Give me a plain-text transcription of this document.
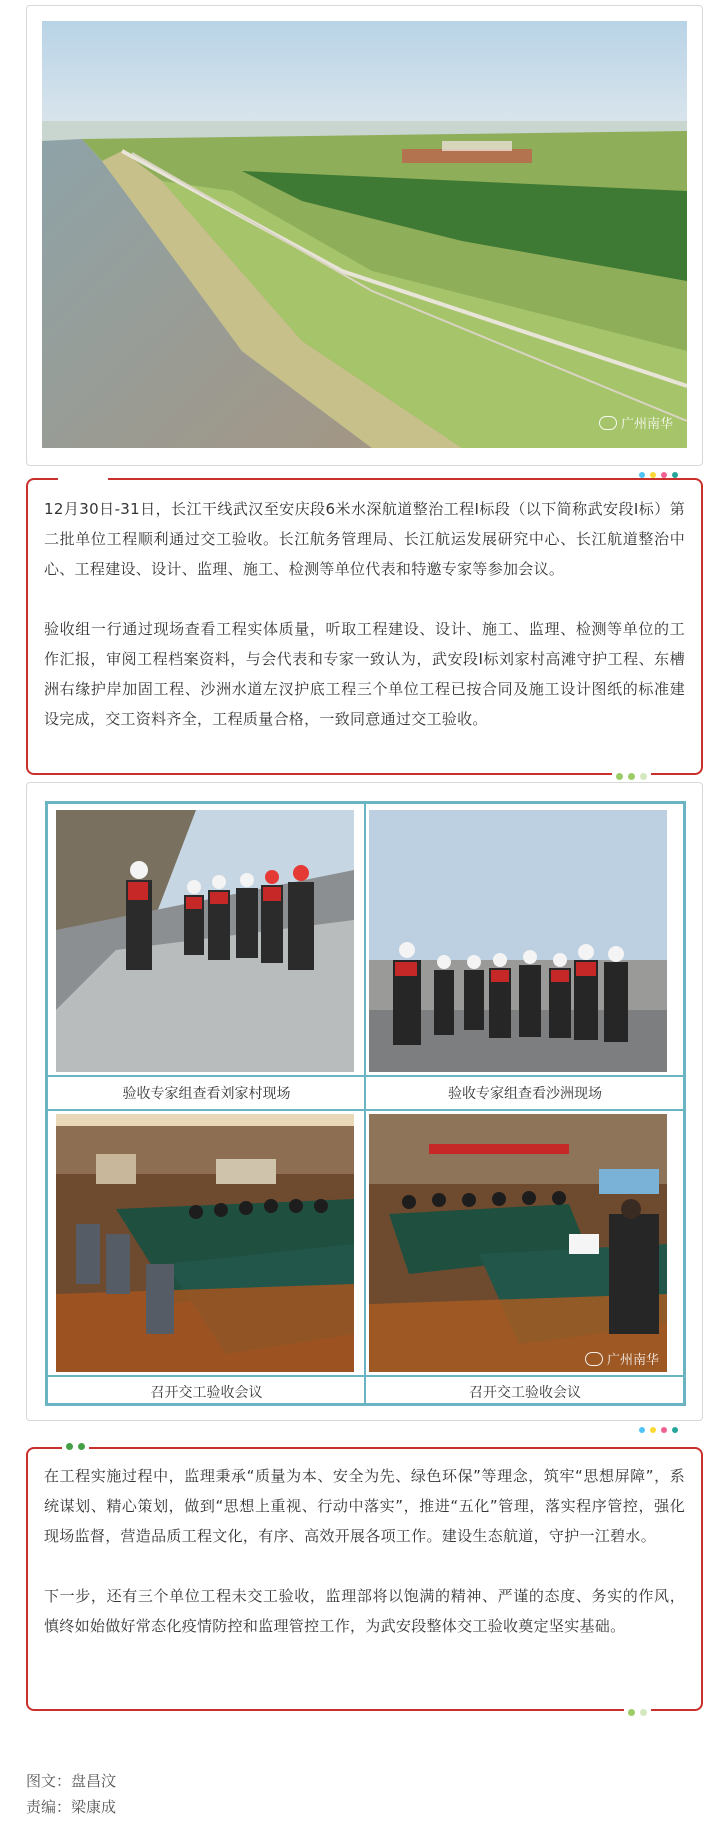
广州南华

12月30日-31日，长江干线武汉至安庆段6米水深航道整治工程Ⅰ标段（以下简称武安段Ⅰ标）第二批单位工程顺利通过交工验收。长江航务管理局、长江航运发展研究中心、长江航道整治中心、工程建设、设计、监理、施工、检测等单位代表和特邀专家等参加会议。

验收组一行通过现场查看工程实体质量，听取工程建设、设计、施工、监理、检测等单位的工作汇报，审阅工程档案资料，与会代表和专家一致认为，武安段Ⅰ标刘家村高滩守护工程、东槽洲右缘护岸加固工程、沙洲水道左汊护底工程三个单位工程已按合同及施工设计图纸的标准建设完成，交工资料齐全，工程质量合格，一致同意通过交工验收。

验收专家组查看刘家村现场	验收专家组查看沙洲现场
广州南华
召开交工验收会议	召开交工验收会议

在工程实施过程中，监理秉承“质量为本、安全为先、绿色环保”等理念，筑牢“思想屏障”，系统谋划、精心策划，做到“思想上重视、行动中落实”，推进“五化”管理，落实程序管控，强化现场监督，营造品质工程文化，有序、高效开展各项工作。建设生态航道，守护一江碧水。

下一步，还有三个单位工程未交工验收，监理部将以饱满的精神、严谨的态度、务实的作风，慎终如始做好常态化疫情防控和监理管控工作，为武安段整体交工验收奠定坚实基础。

图文：盘昌汶
责编：梁康成
